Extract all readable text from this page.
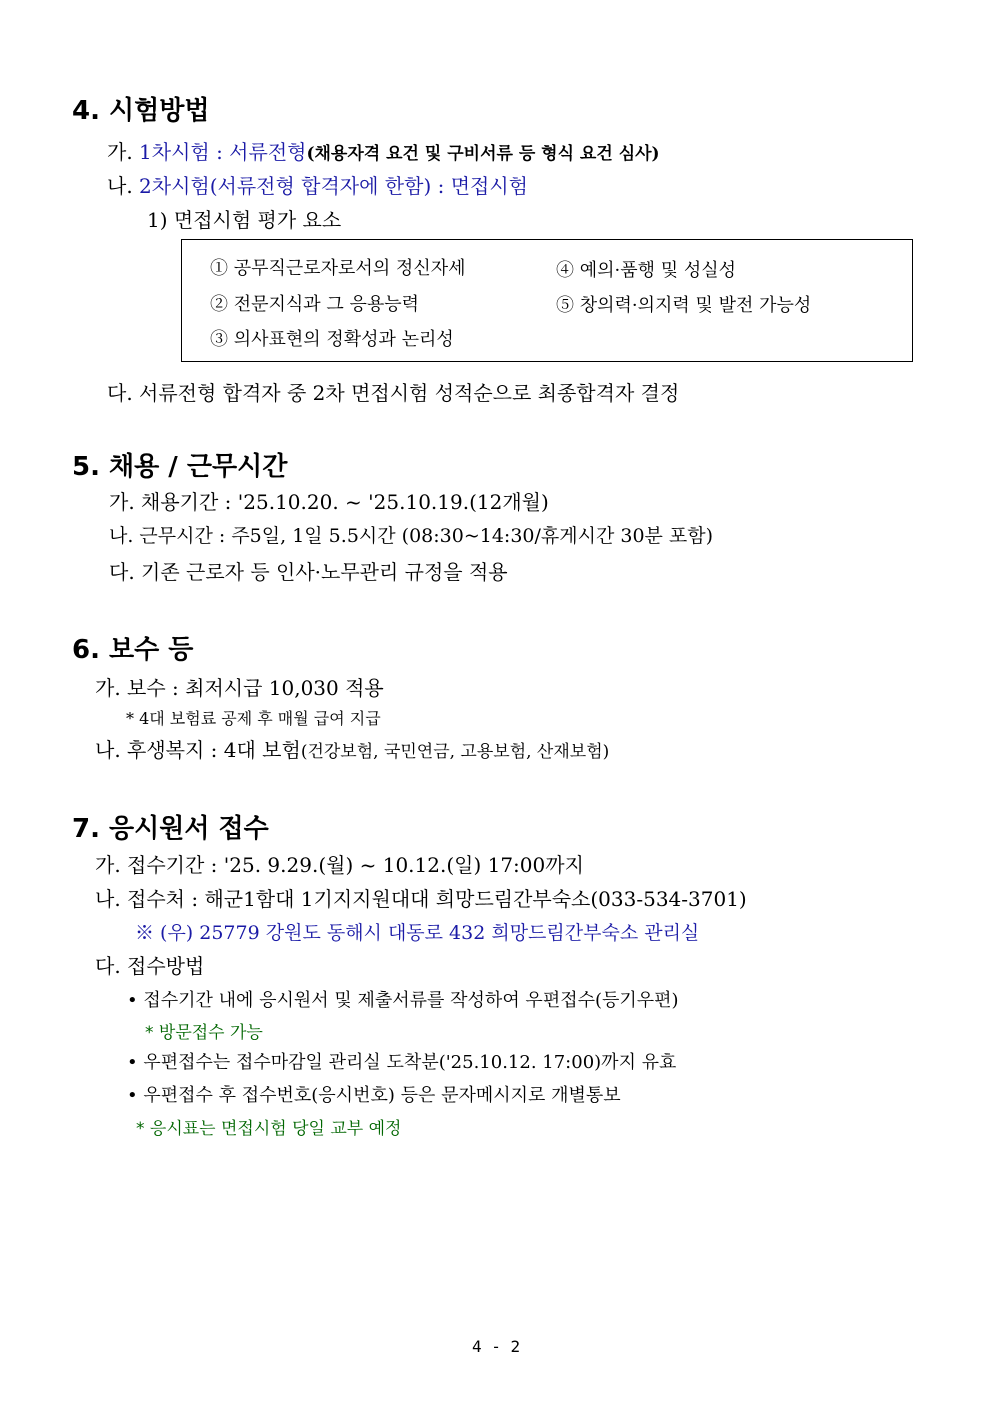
4. 시험방법
가. 1차시험 : 서류전형(채용자격 요건 및 구비서류 등 형식 요건 심사)
나. 2차시험(서류전형 합격자에 한함) : 면접시험
1) 면접시험 평가 요소
① 공무직근로자로서의 정신자세
② 전문지식과 그 응용능력
③ 의사표현의 정확성과 논리성
④ 예의·품행 및 성실성
⑤ 창의력·의지력 및 발전 가능성
다. 서류전형 합격자 중 2차 면접시험 성적순으로 최종합격자 결정
5. 채용 / 근무시간
가. 채용기간 : '25.10.20. ~ '25.10.19.(12개월)
나. 근무시간 : 주5일, 1일 5.5시간 (08:30~14:30/휴게시간 30분 포함)
다. 기존 근로자 등 인사·노무관리 규정을 적용
6. 보수 등
가. 보수 : 최저시급 10,030 적용
* 4대 보험료 공제 후 매월 급여 지급
나. 후생복지 : 4대 보험(건강보험, 국민연금, 고용보험, 산재보험)
7. 응시원서 접수
가. 접수기간 : '25. 9.29.(월) ~ 10.12.(일) 17:00까지
나. 접수처 : 해군1함대 1기지지원대대 희망드림간부숙소(033-534-3701)
※ (우) 25779 강원도 동해시 대동로 432 희망드림간부숙소 관리실
다. 접수방법
• 접수기간 내에 응시원서 및 제출서류를 작성하여 우편접수(등기우편)
* 방문접수 가능
• 우편접수는 접수마감일 관리실 도착분('25.10.12. 17:00)까지 유효
• 우편접수 후 접수번호(응시번호) 등은 문자메시지로 개별통보
* 응시표는 면접시험 당일 교부 예정
4 - 2
